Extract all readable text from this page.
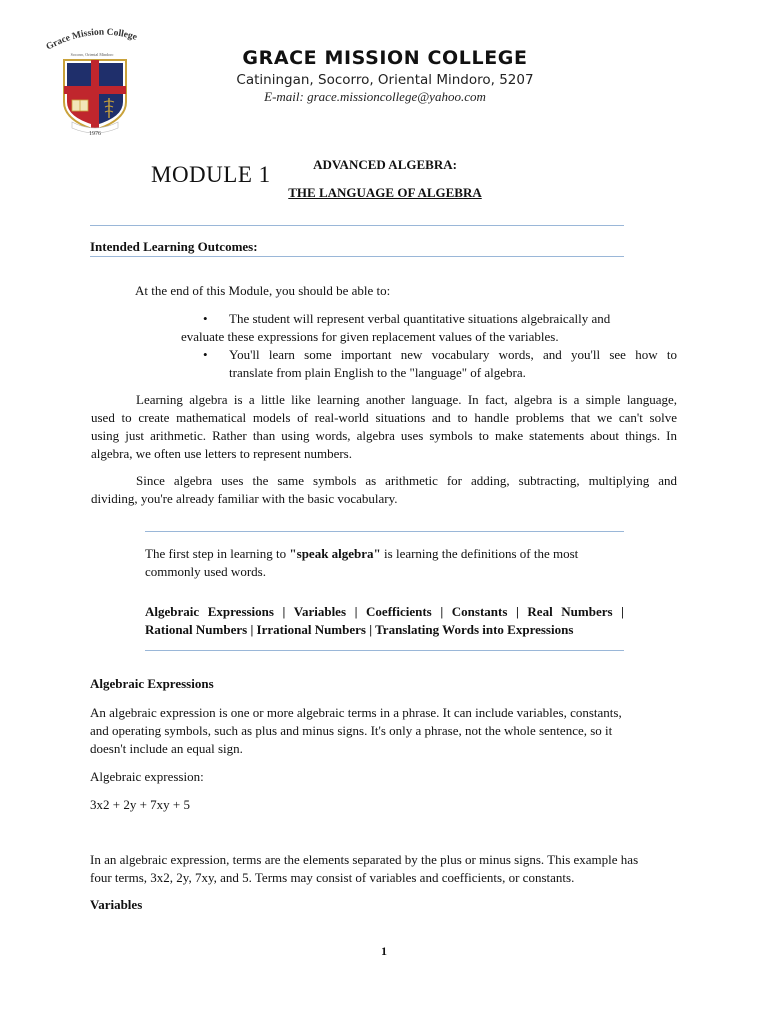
Grace Mission College
Socorro, Oriental Mindoro
1976
GRACE MISSION COLLEGE
Catiningan, Socorro, Oriental Mindoro, 5207
E-mail: grace.missioncollege@yahoo.com
MODULE 1	ADVANCED ALGEBRA:
THE LANGUAGE OF ALGEBRA
Intended Learning Outcomes:
At the end of this Module, you should be able to:
• The student will represent verbal quantitative situations algebraically and
evaluate these expressions for given replacement values of the variables.
• You'll learn some important new vocabulary words, and you'll see how to
translate from plain English to the "language" of algebra.
Learning algebra is a little like learning another language. In fact, algebra is a simple language,
used to create mathematical models of real-world situations and to handle problems that we can't solve
using just arithmetic. Rather than using words, algebra uses symbols to make statements about things. In
algebra, we often use letters to represent numbers.
Since algebra uses the same symbols as arithmetic for adding, subtracting, multiplying and
dividing, you're already familiar with the basic vocabulary.
The first step in learning to "speak algebra" is learning the definitions of the most
commonly used words.
Algebraic Expressions | Variables | Coefficients | Constants | Real Numbers |
Rational Numbers | Irrational Numbers | Translating Words into Expressions
Algebraic Expressions
An algebraic expression is one or more algebraic terms in a phrase. It can include variables, constants,
and operating symbols, such as plus and minus signs. It's only a phrase, not the whole sentence, so it
doesn't include an equal sign.
Algebraic expression:
3x2 + 2y + 7xy + 5
In an algebraic expression, terms are the elements separated by the plus or minus signs. This example has
four terms, 3x2, 2y, 7xy, and 5. Terms may consist of variables and coefficients, or constants.
Variables
1
